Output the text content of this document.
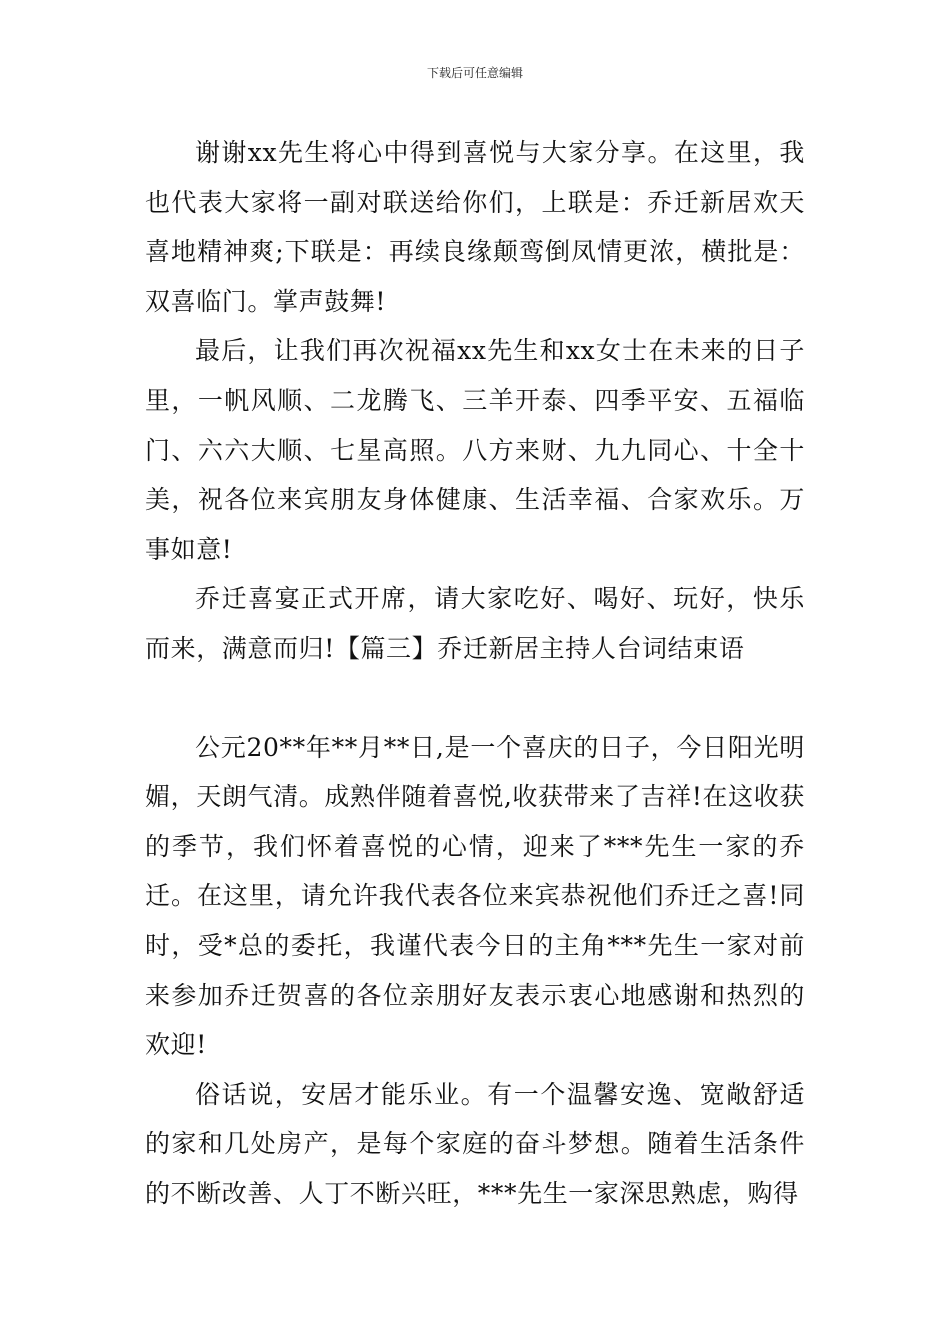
下载后可任意编辑

谢谢xx先生将心中得到喜悦与大家分享。在这里，我也代表大家将一副对联送给你们，上联是：乔迁新居欢天喜地精神爽;下联是：再续良缘颠鸾倒凤情更浓，横批是：双喜临门。掌声鼓舞!

最后，让我们再次祝福xx先生和xx女士在未来的日子里，一帆风顺、二龙腾飞、三羊开泰、四季平安、五福临门、六六大顺、七星高照。八方来财、九九同心、十全十美，祝各位来宾朋友身体健康、生活幸福、合家欢乐。万事如意!

乔迁喜宴正式开席，请大家吃好、喝好、玩好，快乐而来，满意而归!【篇三】乔迁新居主持人台词结束语

公元20**年**月**日,是一个喜庆的日子，今日阳光明媚，天朗气清。成熟伴随着喜悦,收获带来了吉祥!在这收获的季节，我们怀着喜悦的心情，迎来了***先生一家的乔迁。在这里，请允许我代表各位来宾恭祝他们乔迁之喜!同时，受*总的委托，我谨代表今日的主角***先生一家对前来参加乔迁贺喜的各位亲朋好友表示衷心地感谢和热烈的欢迎!

俗话说，安居才能乐业。有一个温馨安逸、宽敞舒适的家和几处房产，是每个家庭的奋斗梦想。随着生活条件的不断改善、人丁不断兴旺，***先生一家深思熟虑，购得
